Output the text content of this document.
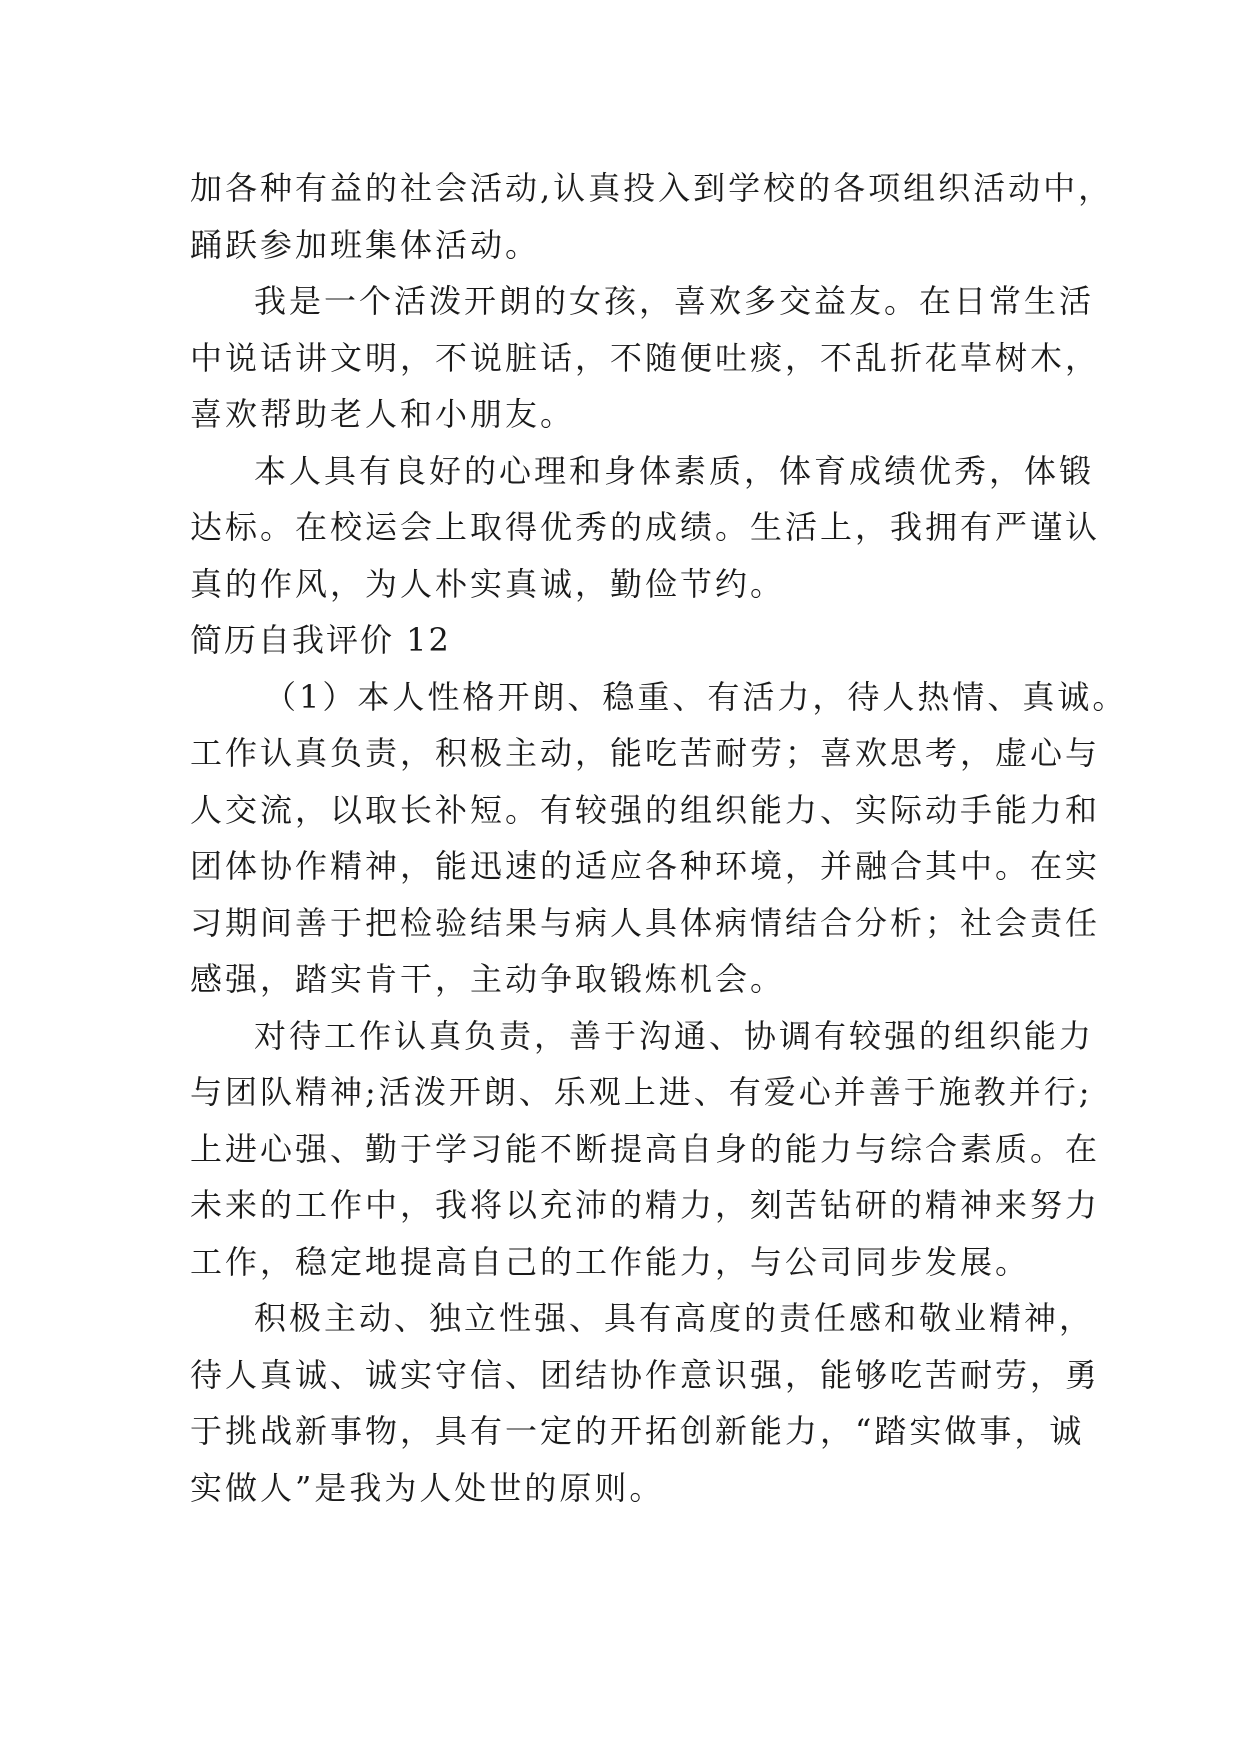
加各种有益的社会活动,认真投入到学校的各项组织活动中，
踊跃参加班集体活动。
我是一个活泼开朗的女孩，喜欢多交益友。在日常生活
中说话讲文明，不说脏话，不随便吐痰，不乱折花草树木，
喜欢帮助老人和小朋友。
本人具有良好的心理和身体素质，体育成绩优秀，体锻
达标。在校运会上取得优秀的成绩。生活上，我拥有严谨认
真的作风，为人朴实真诚，勤俭节约。
简历自我评价 12
（1）本人性格开朗、稳重、有活力，待人热情、真诚。
工作认真负责，积极主动，能吃苦耐劳；喜欢思考，虚心与
人交流，以取长补短。有较强的组织能力、实际动手能力和
团体协作精神，能迅速的适应各种环境，并融合其中。在实
习期间善于把检验结果与病人具体病情结合分析；社会责任
感强，踏实肯干，主动争取锻炼机会。
对待工作认真负责，善于沟通、协调有较强的组织能力
与团队精神;活泼开朗、乐观上进、有爱心并善于施教并行;
上进心强、勤于学习能不断提高自身的能力与综合素质。在
未来的工作中，我将以充沛的精力，刻苦钻研的精神来努力
工作，稳定地提高自己的工作能力，与公司同步发展。
积极主动、独立性强、具有高度的责任感和敬业精神，
待人真诚、诚实守信、团结协作意识强，能够吃苦耐劳，勇
于挑战新事物，具有一定的开拓创新能力，“踏实做事，诚
实做人”是我为人处世的原则。
